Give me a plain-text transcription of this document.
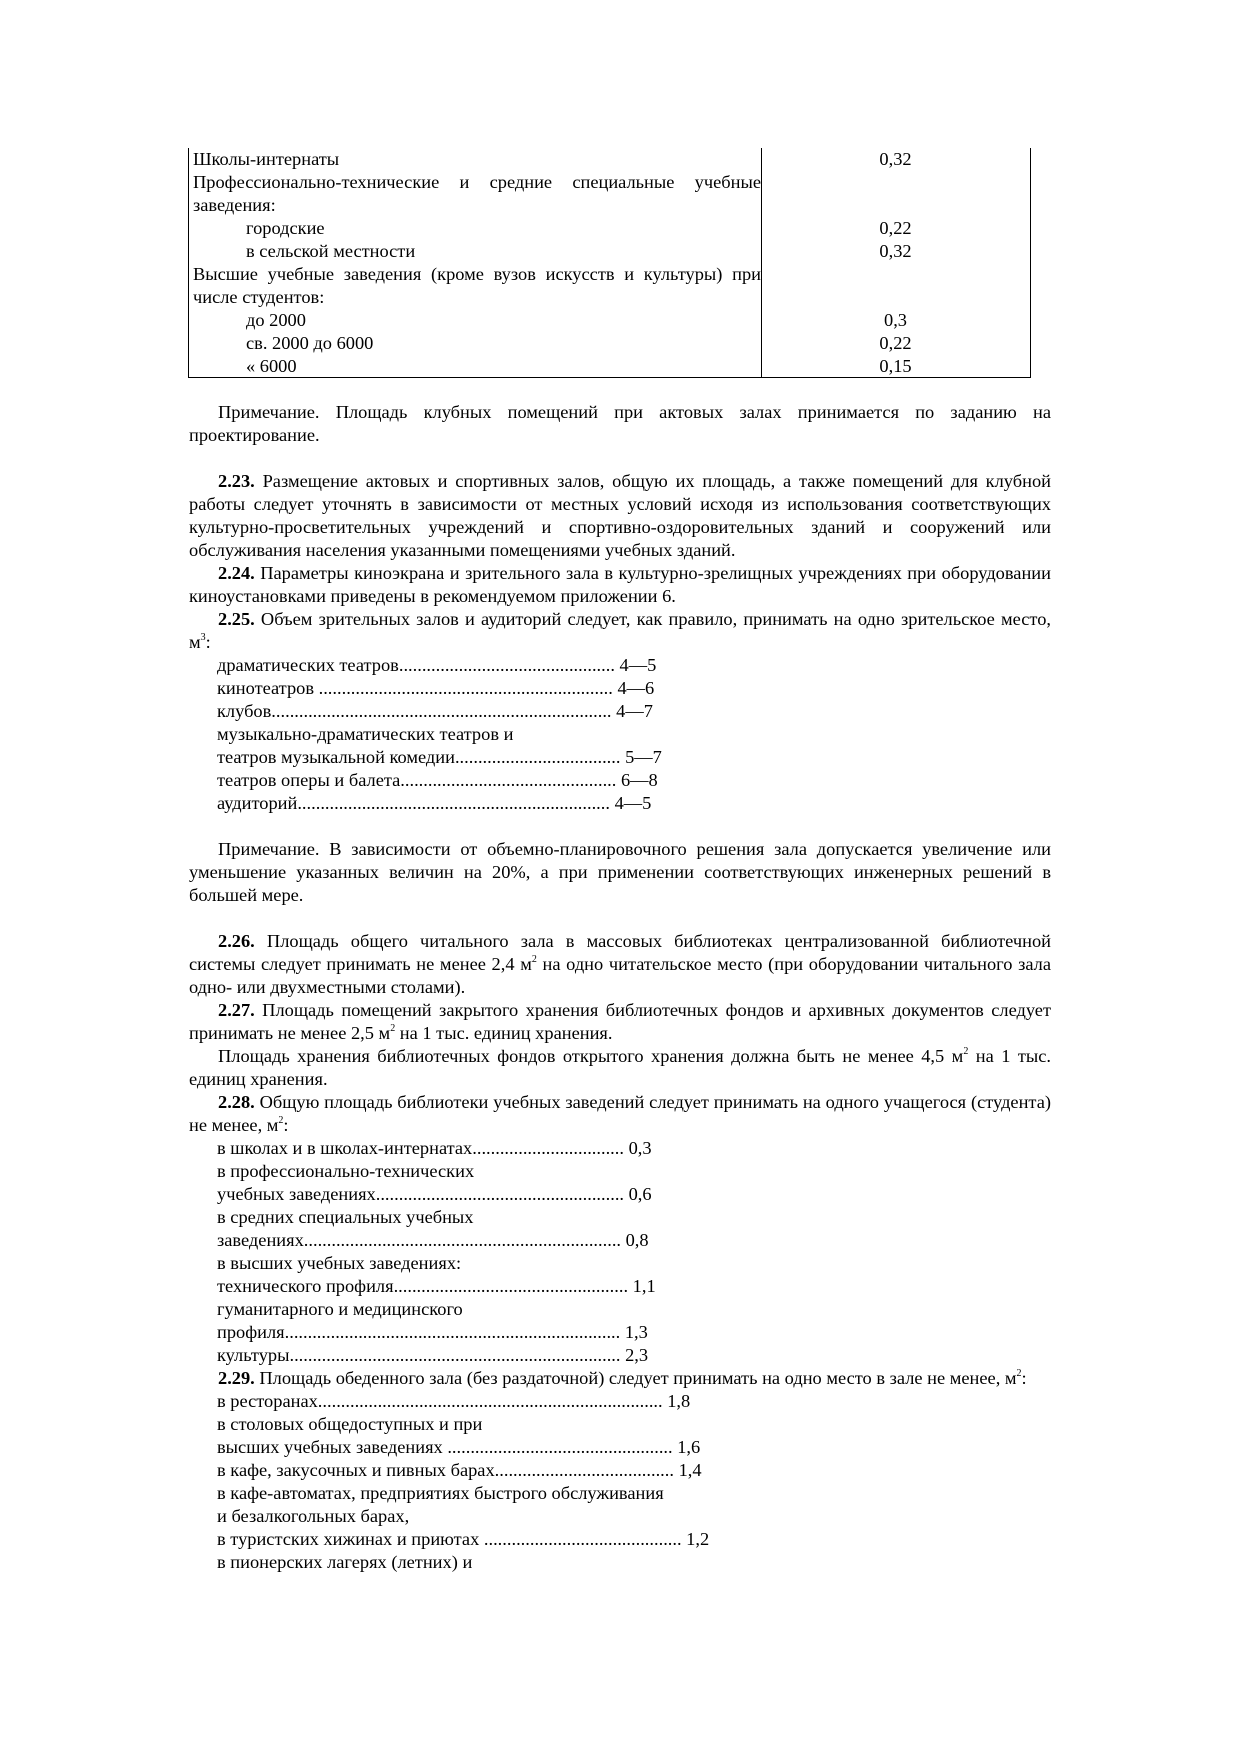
Школы-интернаты	0,32
Профессионально-технические и средние специальные учебные заведения:
городские	0,22
в сельской местности	0,32
Высшие учебные заведения (кроме вузов искусств и культуры) при числе студентов:
до 2000	0,3
св. 2000 до 6000	0,22
« 6000	0,15

Примечание. Площадь клубных помещений при актовых залах принимается по заданию на проектирование.

2.23. Размещение актовых и спортивных залов, общую их площадь, а также помещений для клубной работы следует уточнять в зависимости от местных условий исходя из использования соответствующих культурно-просветительных учреждений и спортивно-оздоровительных зданий и сооружений или обслуживания населения указанными помещениями учебных зданий.

2.24. Параметры киноэкрана и зрительного зала в культурно-зрелищных учреждениях при оборудовании киноустановками приведены в рекомендуемом приложении 6.

2.25. Объем зрительных залов и аудиторий следует, как правило, принимать на одно зрительское место, $м^3$:

драматических театров............................................... 4—5
кинотеатров ................................................................ 4—6
клубов.......................................................................... 4—7
музыкально-драматических театров и
театров музыкальной комедии.................................... 5—7
театров оперы и балета............................................... 6—8
аудиторий.................................................................... 4—5

Примечание. В зависимости от объемно-планировочного решения зала допускается увеличение или уменьшение указанных величин на 20%, а при применении соответствующих инженерных решений в большей мере.

2.26. Площадь общего читального зала в массовых библиотеках централизованной библиотечной системы следует принимать не менее 2,4 $м^2$ на одно читательское место (при оборудовании читального зала одно- или двухместными столами).

2.27. Площадь помещений закрытого хранения библиотечных фондов и архивных документов следует принимать не менее 2,5 $м^2$ на 1 тыс. единиц хранения.

Площадь хранения библиотечных фондов открытого хранения должна быть не менее 4,5 $м^2$ на 1 тыс. единиц хранения.

2.28. Общую площадь библиотеки учебных заведений следует принимать на одного учащегося (студента) не менее, $м^2$:

в школах и в школах-интернатах................................. 0,3
в профессионально-технических
учебных заведениях...................................................... 0,6
в средних специальных учебных
заведениях..................................................................... 0,8
в высших учебных заведениях:
технического профиля................................................... 1,1
гуманитарного и медицинского
профиля......................................................................... 1,3
культуры........................................................................ 2,3

2.29. Площадь обеденного зала (без раздаточной) следует принимать на одно место в зале не менее, $м^2$:

в ресторанах........................................................................... 1,8
в столовых общедоступных и при
высших учебных заведениях ................................................. 1,6
в кафе, закусочных и пивных барах....................................... 1,4
в кафе-автоматах, предприятиях быстрого обслуживания
и безалкогольных барах,
в туристских хижинах и приютах ........................................... 1,2
в пионерских лагерях (летних) и
